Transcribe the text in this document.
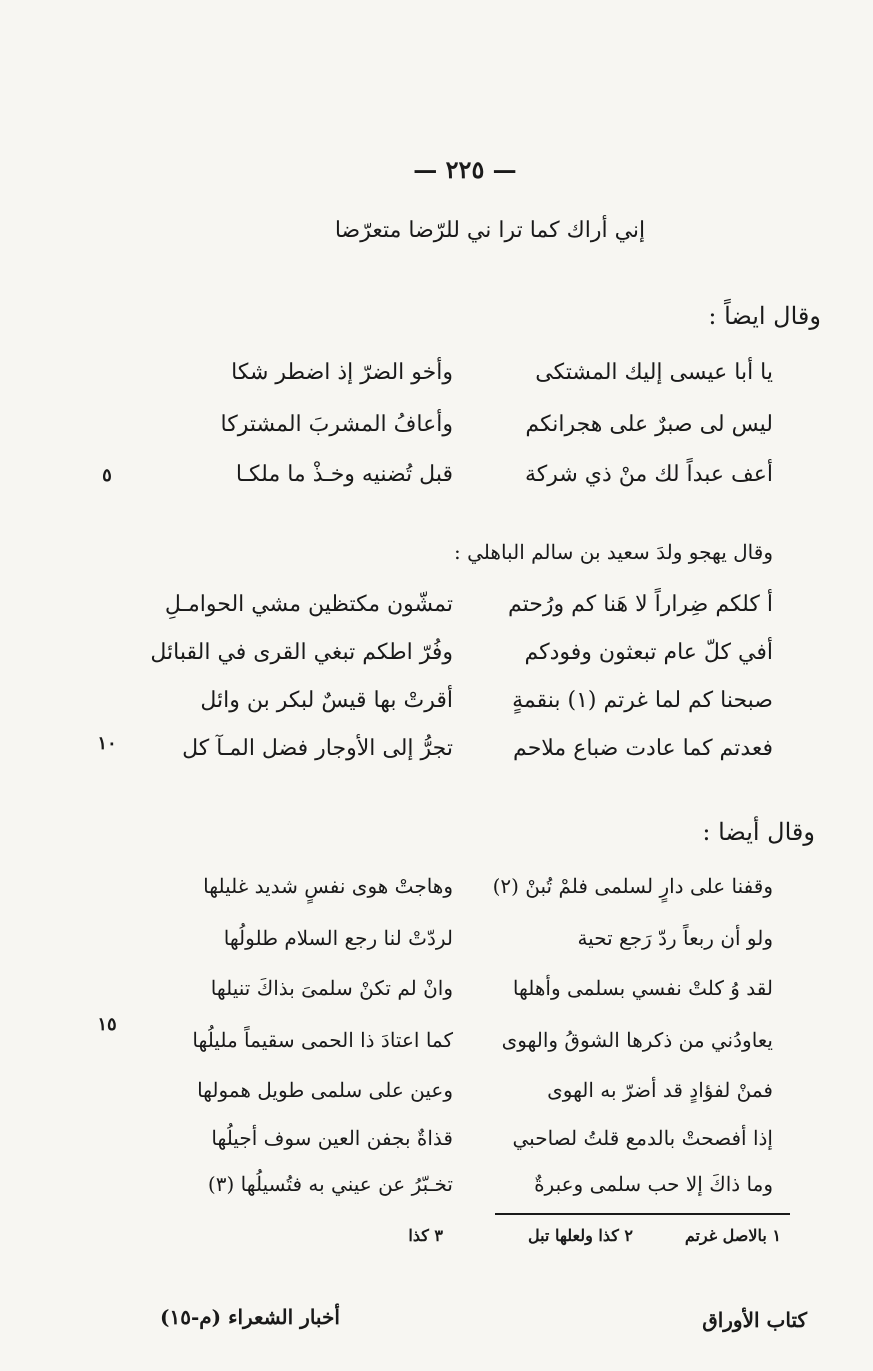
— ٢٢٥ —
إني أراك كما ترا ني للرّضا متعرّضا
وقال ايضاً :
يا أبا عيسى إليك المشتكى
وأخو الضرّ إذ اضطر شكا
ليس لى صبرٌ على هجرانكم
وأعافُ المشربَ المشتركا
أعف عبداً لك منْ ذي شركة
قبل تُضنيه وخـذْ ما ملكـا
٥
وقال يهجو ولدَ سعيد بن سالم الباهلي :
أ كلكم ضِراراً لا هَنا كم ورُحتم
تمشّون مكتظين مشي الحوامـلِ
أفي كلّ عام تبعثون وفودكم
وفُرّ اطكم تبغي القرى في القبائل
صبحنا كم لما غرتم (١) بنقمةٍ
أقرتْ بها قيسٌ لبكر بن وائل
فعدتم كما عادت ضباع ملاحم
تجرُّ إلى الأوجار فضل المـآ كل
١٠
وقال أيضا :
وقفنا على دارٍ لسلمى فلمْ تُبنْ (٢)
وهاجتْ هوى نفسٍ شديد غليلها
ولو أن ربعاً ردّ رَجع تحية
لردّتْ لنا رجع السلام طلولُها
لقد وُ كلتْ نفسي بسلمى وأهلها
وانْ لم تكنْ سلمىَ بذاكَ تنيلها
يعاودُني من ذكرها الشوقُ والهوى
كما اعتادَ ذا الحمى سقيماً مليلُها
فمنْ لفؤادٍ قد أضرّ به الهوى
وعين على سلمى طويل همولها
إذا أفصحتْ بالدمع قلتُ لصاحبي
قذاةٌ بجفن العين سوف أجيلُها
وما ذاكَ إلا حب سلمى وعبرةٌ
تخـبّرُ عن عيني به فتُسيلُها (٣)
١٥
١ بالاصل غرتم
٢ كذا ولعلها تبل
٣ كذا
كتاب الأوراق
أخبار الشعراء (م-١٥)
